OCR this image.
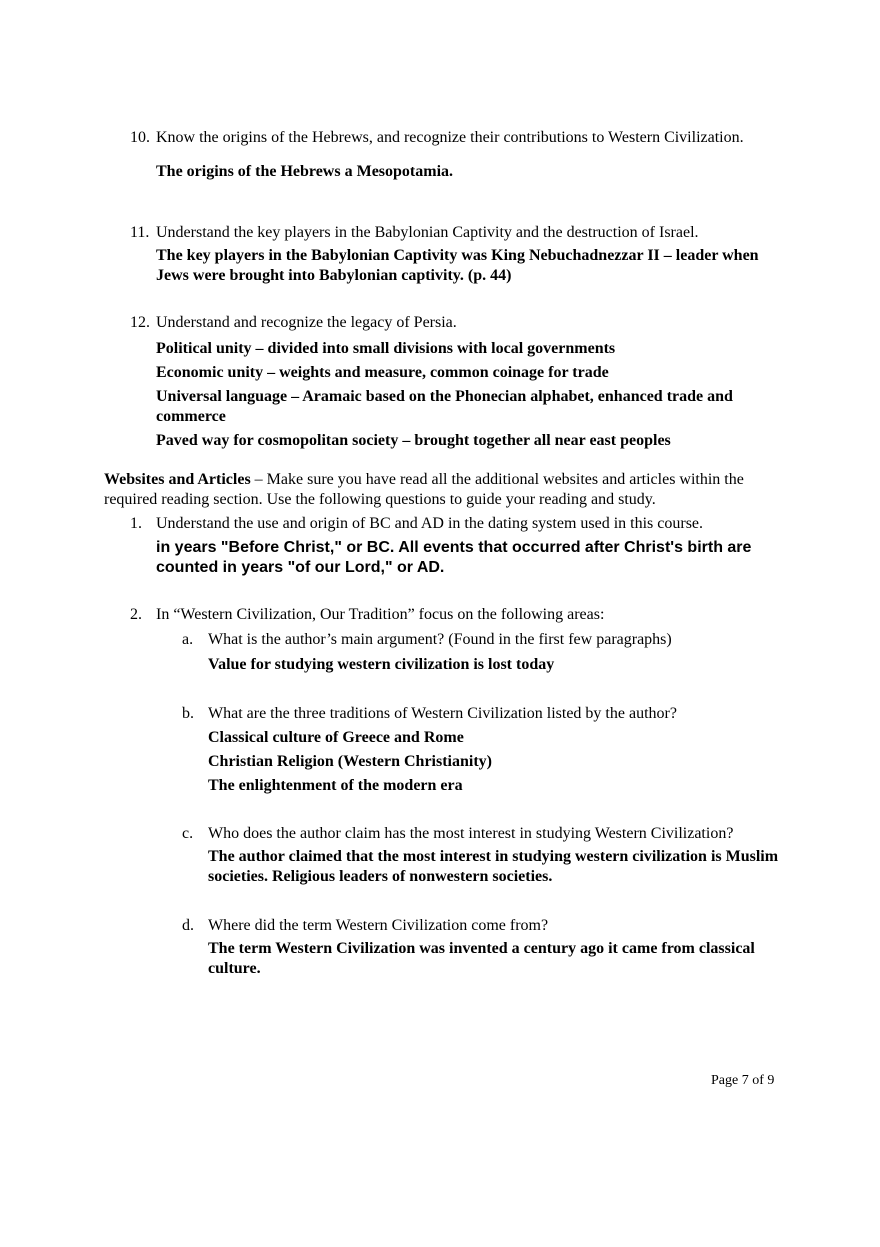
10. Know the origins of the Hebrews, and recognize their contributions to Western Civilization.
The origins of the Hebrews a Mesopotamia.
11. Understand the key players in the Babylonian Captivity and the destruction of Israel.
The key players in the Babylonian Captivity was King Nebuchadnezzar II – leader when Jews were brought into Babylonian captivity. (p. 44)
12. Understand and recognize the legacy of Persia.
Political unity – divided into small divisions with local governments
Economic unity – weights and measure, common coinage for trade
Universal language – Aramaic based on the Phonecian alphabet, enhanced trade and commerce
Paved way for cosmopolitan society – brought together all near east peoples
Websites and Articles – Make sure you have read all the additional websites and articles within the required reading section. Use the following questions to guide your reading and study.
1. Understand the use and origin of BC and AD in the dating system used in this course.
in years "Before Christ," or BC. All events that occurred after Christ's birth are counted in years "of our Lord," or AD.
2. In “Western Civilization, Our Tradition” focus on the following areas:
a. What is the author’s main argument? (Found in the first few paragraphs)
Value for studying western civilization is lost today
b. What are the three traditions of Western Civilization listed by the author?
Classical culture of Greece and Rome
Christian Religion (Western Christianity)
The enlightenment of the modern era
c. Who does the author claim has the most interest in studying Western Civilization?
The author claimed that the most interest in studying western civilization is Muslim societies. Religious leaders of nonwestern societies.
d. Where did the term Western Civilization come from?
The term Western Civilization was invented a century ago it came from classical culture.
Page 7 of 9
